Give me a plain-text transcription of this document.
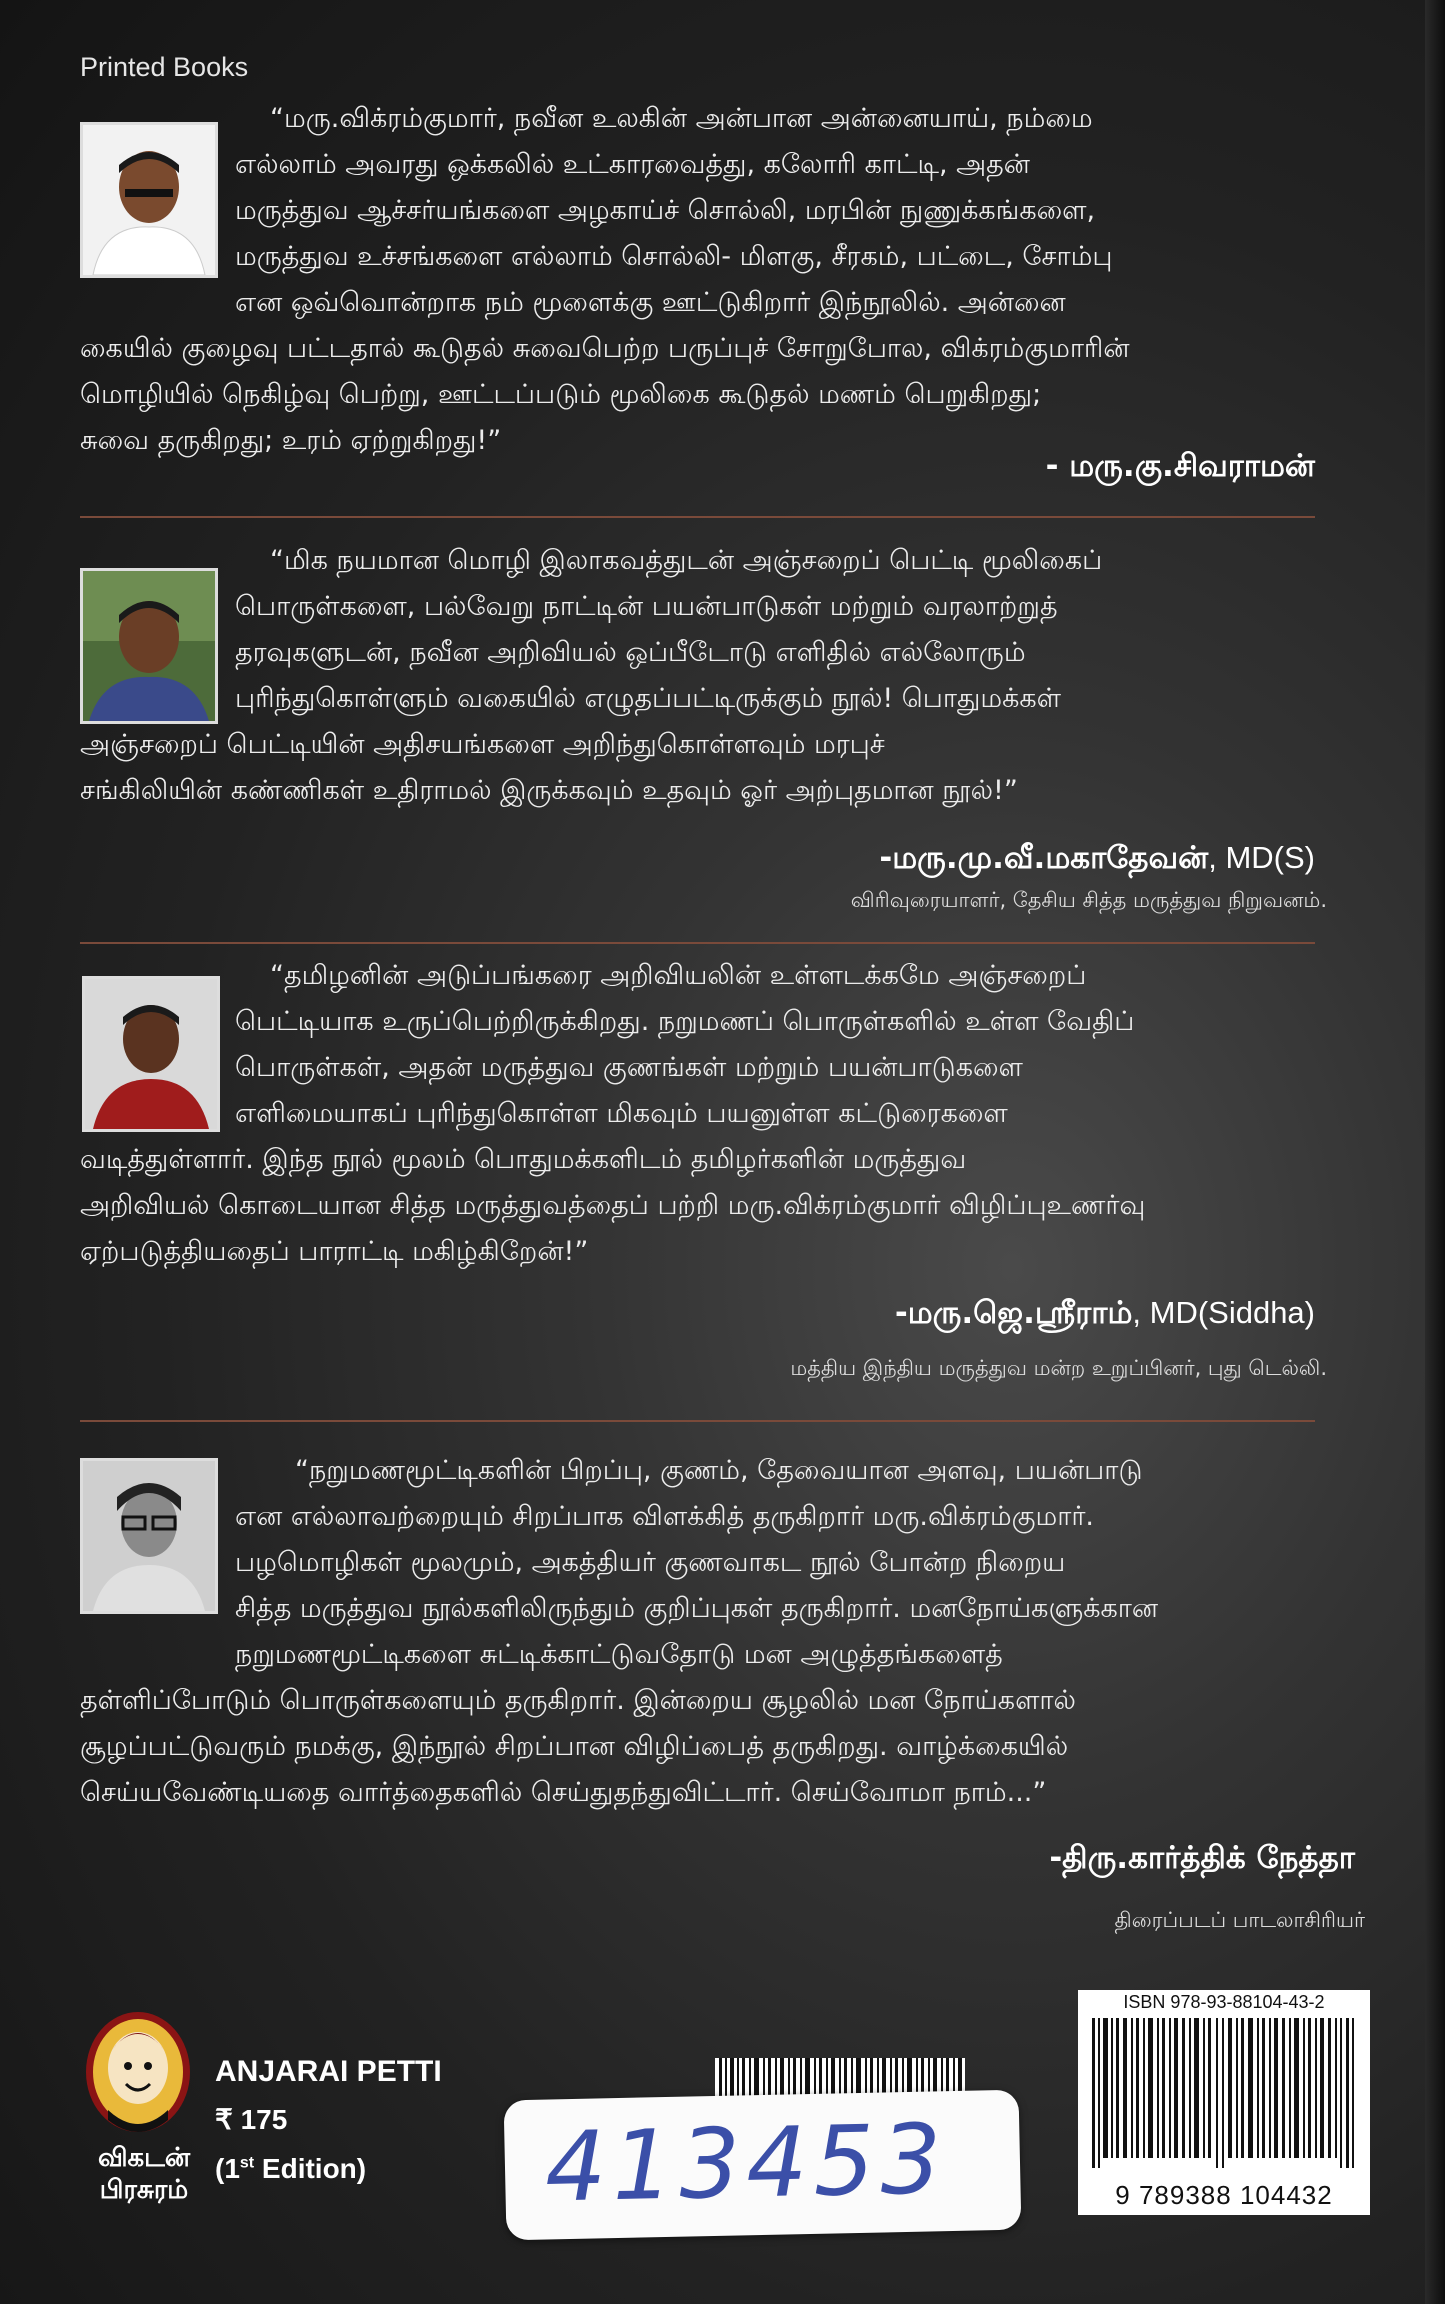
Printed Books
“மரு.விக்ரம்குமார், நவீன உலகின் அன்பான அன்னையாய், நம்மை
எல்லாம் அவரது ஒக்கலில் உட்காரவைத்து, கலோரி காட்டி, அதன்
மருத்துவ ஆச்சர்யங்களை அழகாய்ச் சொல்லி, மரபின் நுணுக்கங்களை,
மருத்துவ உச்சங்களை எல்லாம் சொல்லி- மிளகு, சீரகம், பட்டை, சோம்பு
என ஒவ்வொன்றாக நம் மூளைக்கு ஊட்டுகிறார் இந்நூலில். அன்னை
கையில் குழைவு பட்டதால் கூடுதல் சுவைபெற்ற பருப்புச் சோறுபோல, விக்ரம்குமாரின்
மொழியில் நெகிழ்வு பெற்று, ஊட்டப்படும் மூலிகை கூடுதல் மணம் பெறுகிறது;
சுவை தருகிறது; உரம் ஏற்றுகிறது!”
- மரு.கு.சிவராமன்
“மிக நயமான மொழி இலாகவத்துடன் அஞ்சறைப் பெட்டி மூலிகைப்
பொருள்களை, பல்வேறு நாட்டின் பயன்பாடுகள் மற்றும் வரலாற்றுத்
தரவுகளுடன், நவீன அறிவியல் ஒப்பீடோடு எளிதில் எல்லோரும்
புரிந்துகொள்ளும் வகையில் எழுதப்பட்டிருக்கும் நூல்! பொதுமக்கள்
அஞ்சறைப் பெட்டியின் அதிசயங்களை அறிந்துகொள்ளவும் மரபுச்
சங்கிலியின் கண்ணிகள் உதிராமல் இருக்கவும் உதவும் ஓர் அற்புதமான நூல்!”
-மரு.மு.வீ.மகாதேவன், MD(S)
விரிவுரையாளர், தேசிய சித்த மருத்துவ நிறுவனம்.
“தமிழனின் அடுப்பங்கரை அறிவியலின் உள்ளடக்கமே அஞ்சறைப்
பெட்டியாக உருப்பெற்றிருக்கிறது. நறுமணப் பொருள்களில் உள்ள வேதிப்
பொருள்கள், அதன் மருத்துவ குணங்கள் மற்றும் பயன்பாடுகளை
எளிமையாகப் புரிந்துகொள்ள மிகவும் பயனுள்ள கட்டுரைகளை
வடித்துள்ளார். இந்த நூல் மூலம் பொதுமக்களிடம் தமிழர்களின் மருத்துவ
அறிவியல் கொடையான சித்த மருத்துவத்தைப் பற்றி மரு.விக்ரம்குமார் விழிப்புஉணர்வு
ஏற்படுத்தியதைப் பாராட்டி மகிழ்கிறேன்!”
-மரு.ஜெ.ஸ்ரீராம், MD(Siddha)
மத்திய இந்திய மருத்துவ மன்ற உறுப்பினர், புது டெல்லி.
“நறுமணமூட்டிகளின் பிறப்பு, குணம், தேவையான அளவு, பயன்பாடு
என எல்லாவற்றையும் சிறப்பாக விளக்கித் தருகிறார் மரு.விக்ரம்குமார்.
பழமொழிகள் மூலமும், அகத்தியர் குணவாகட நூல் போன்ற நிறைய
சித்த மருத்துவ நூல்களிலிருந்தும் குறிப்புகள் தருகிறார். மனநோய்களுக்கான
நறுமணமூட்டிகளை சுட்டிக்காட்டுவதோடு மன அழுத்தங்களைத்
தள்ளிப்போடும் பொருள்களையும் தருகிறார். இன்றைய சூழலில் மன நோய்களால்
சூழப்பட்டுவரும் நமக்கு, இந்நூல் சிறப்பான விழிப்பைத் தருகிறது. வாழ்க்கையில்
செய்யவேண்டியதை வார்த்தைகளில் செய்துதந்துவிட்டார். செய்வோமா நாம்...”
-திரு.கார்த்திக் நேத்தா
திரைப்படப் பாடலாசிரியர்
விகடன்
பிரசுரம்
ANJARAI PETTI
₹ 175
(1st Edition) 413453
ISBN 978-93-88104-43-2
9 789388 104432
